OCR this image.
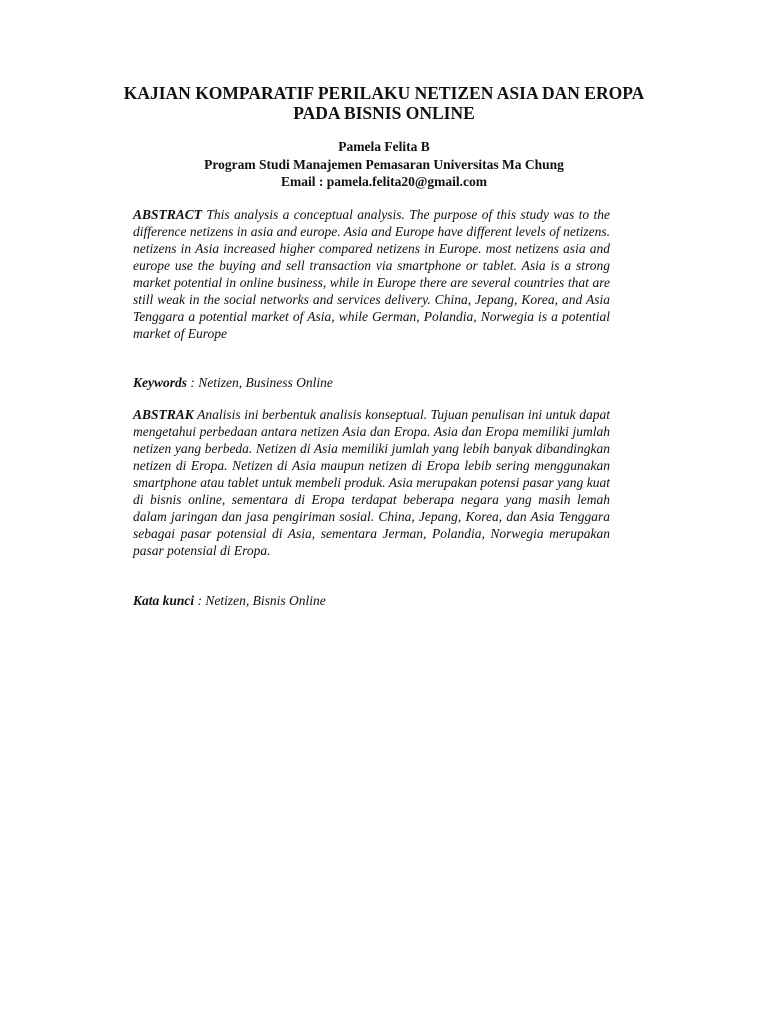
KAJIAN KOMPARATIF PERILAKU NETIZEN ASIA DAN EROPA
PADA BISNIS ONLINE
Pamela Felita B
Program Studi Manajemen Pemasaran Universitas Ma Chung
Email : pamela.felita20@gmail.com

ABSTRACT This analysis a conceptual analysis. The purpose of this study was to the difference netizens in asia and europe. Asia and Europe have different levels of netizens. netizens in Asia increased higher compared netizens in Europe. most netizens asia and europe use the buying and sell transaction via smartphone or tablet. Asia is a strong market potential in online business, while in Europe there are several countries that are still weak in the social networks and services delivery. China, Jepang, Korea, and Asia Tenggara a potential market of Asia, while German, Polandia, Norwegia is a potential market of Europe

Keywords : Netizen, Business Online

ABSTRAK Analisis ini berbentuk analisis konseptual. Tujuan penulisan ini untuk dapat mengetahui perbedaan antara netizen Asia dan Eropa. Asia dan Eropa memiliki jumlah netizen yang berbeda. Netizen di Asia memiliki jumlah yang lebih banyak dibandingkan netizen di Eropa. Netizen di Asia maupun netizen di Eropa lebib sering menggunakan smartphone atau tablet untuk membeli produk. Asia merupakan potensi pasar yang kuat di bisnis online, sementara di Eropa terdapat beberapa negara yang masih lemah dalam jaringan dan jasa pengiriman sosial. China, Jepang, Korea, dan Asia Tenggara sebagai pasar potensial di Asia, sementara Jerman, Polandia, Norwegia merupakan pasar potensial di Eropa.

Kata kunci : Netizen, Bisnis Online
